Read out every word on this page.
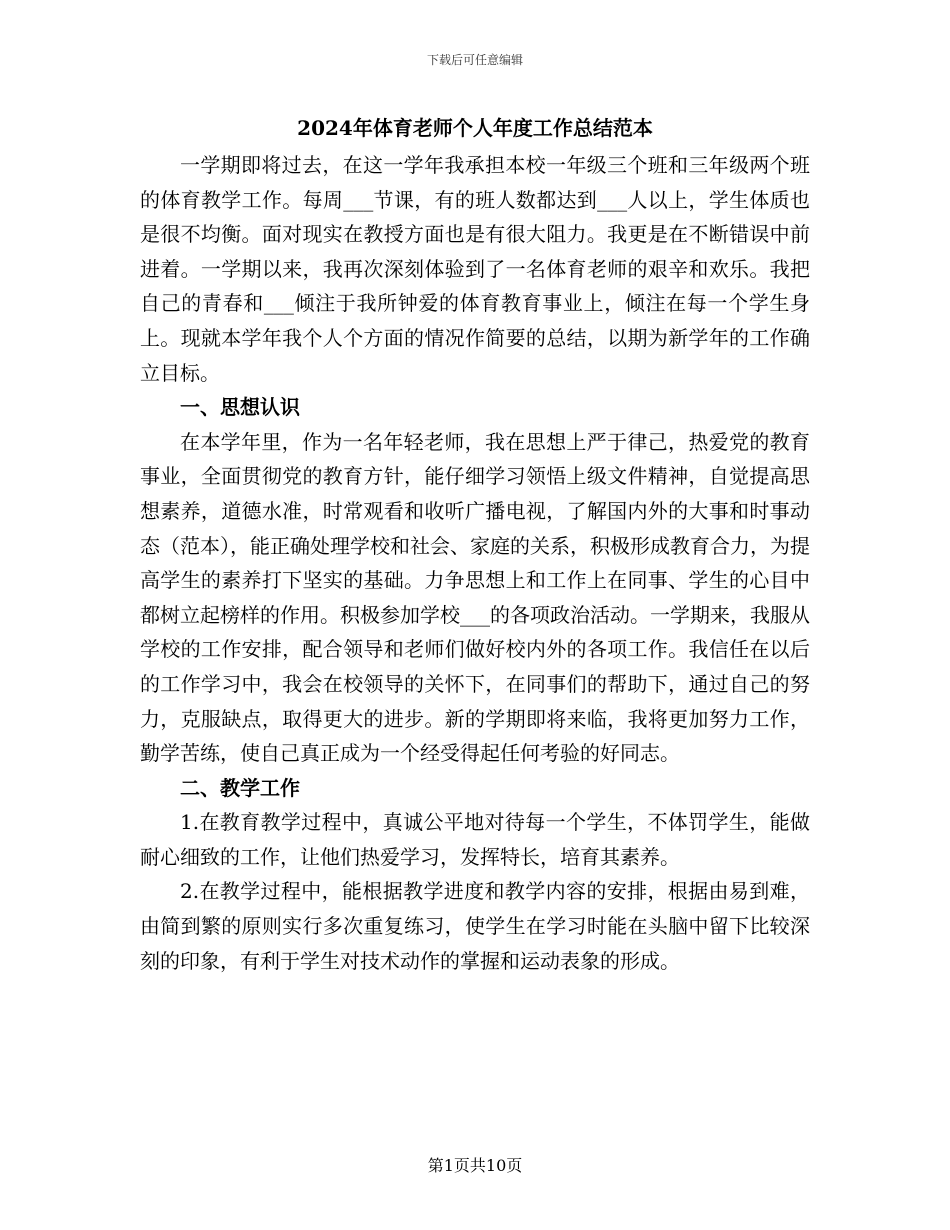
下载后可任意编辑
2024年体育老师个人年度工作总结范本

一学期即将过去，在这一学年我承担本校一年级三个班和三年级两个班的体育教学工作。每周___节课，有的班人数都达到___人以上，学生体质也是很不均衡。面对现实在教授方面也是有很大阻力。我更是在不断错误中前进着。一学期以来，我再次深刻体验到了一名体育老师的艰辛和欢乐。我把自己的青春和___倾注于我所钟爱的体育教育事业上，倾注在每一个学生身上。现就本学年我个人个方面的情况作简要的总结，以期为新学年的工作确立目标。

一、思想认识

在本学年里，作为一名年轻老师，我在思想上严于律己，热爱党的教育事业，全面贯彻党的教育方针，能仔细学习领悟上级文件精神，自觉提高思想素养，道德水准，时常观看和收听广播电视，了解国内外的大事和时事动态（范本），能正确处理学校和社会、家庭的关系，积极形成教育合力，为提高学生的素养打下坚实的基础。力争思想上和工作上在同事、学生的心目中都树立起榜样的作用。积极参加学校___的各项政治活动。一学期来，我服从学校的工作安排，配合领导和老师们做好校内外的各项工作。我信任在以后的工作学习中，我会在校领导的关怀下，在同事们的帮助下，通过自己的努力，克服缺点，取得更大的进步。新的学期即将来临，我将更加努力工作，勤学苦练，使自己真正成为一个经受得起任何考验的好同志。

二、教学工作

1.在教育教学过程中，真诚公平地对待每一个学生，不体罚学生，能做耐心细致的工作，让他们热爱学习，发挥特长，培育其素养。

2.在教学过程中，能根据教学进度和教学内容的安排，根据由易到难，由简到繁的原则实行多次重复练习，使学生在学习时能在头脑中留下比较深刻的印象，有利于学生对技术动作的掌握和运动表象的形成。

第1页共10页
